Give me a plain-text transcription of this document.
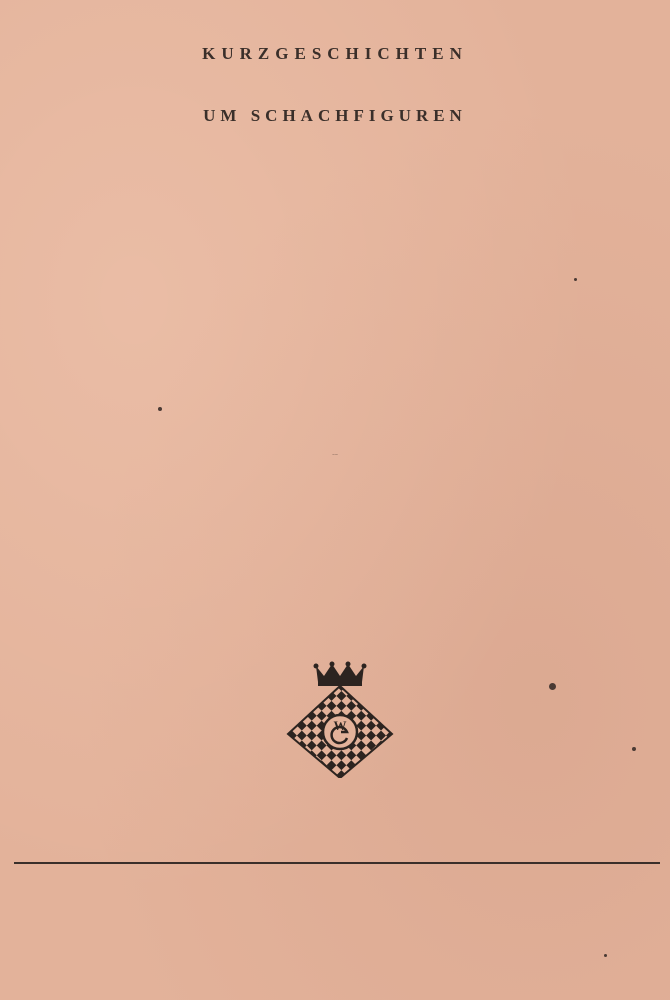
KURZGESCHICHTEN
UM SCHACHFIGUREN
Kurt Richter
W
